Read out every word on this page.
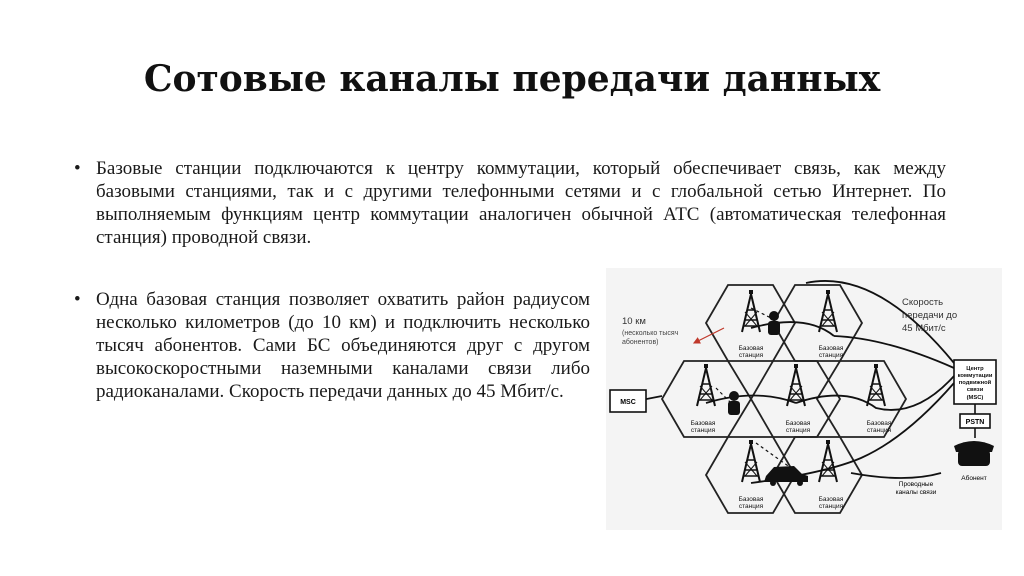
Сотовые каналы передачи данных
• Базовые станции подключаются к центру коммутации, который обеспечивает связь, как между базовыми станциями, так и с другими телефонными сетями и с глобальной сетью Интернет. По выполняемым функциям центр коммутации аналогичен обычной АТС (автоматическая телефонная станция) проводной связи.
• Одна базовая станция позволяет охватить район радиусом несколько километров (до 10 км) и подключить несколько тысяч абонентов. Сами БС объединяются друг с другом высокоскоростными наземными каналами связи либо радиоканалами. Скорость передачи данных до 45 Мбит/с.
Базовая
станция
Базовая
станция
Базовая
станция
Базовая
станция
Базовая
станция
Базовая
станция
Базовая
станция
10 км
(несколько тысяч
абонентов)
Скорость
передачи до
45 Мбит/с
MSC
Центр
коммутации
подвижной
связи
(MSC)
PSTN
Абонент
Проводные
каналы связи
